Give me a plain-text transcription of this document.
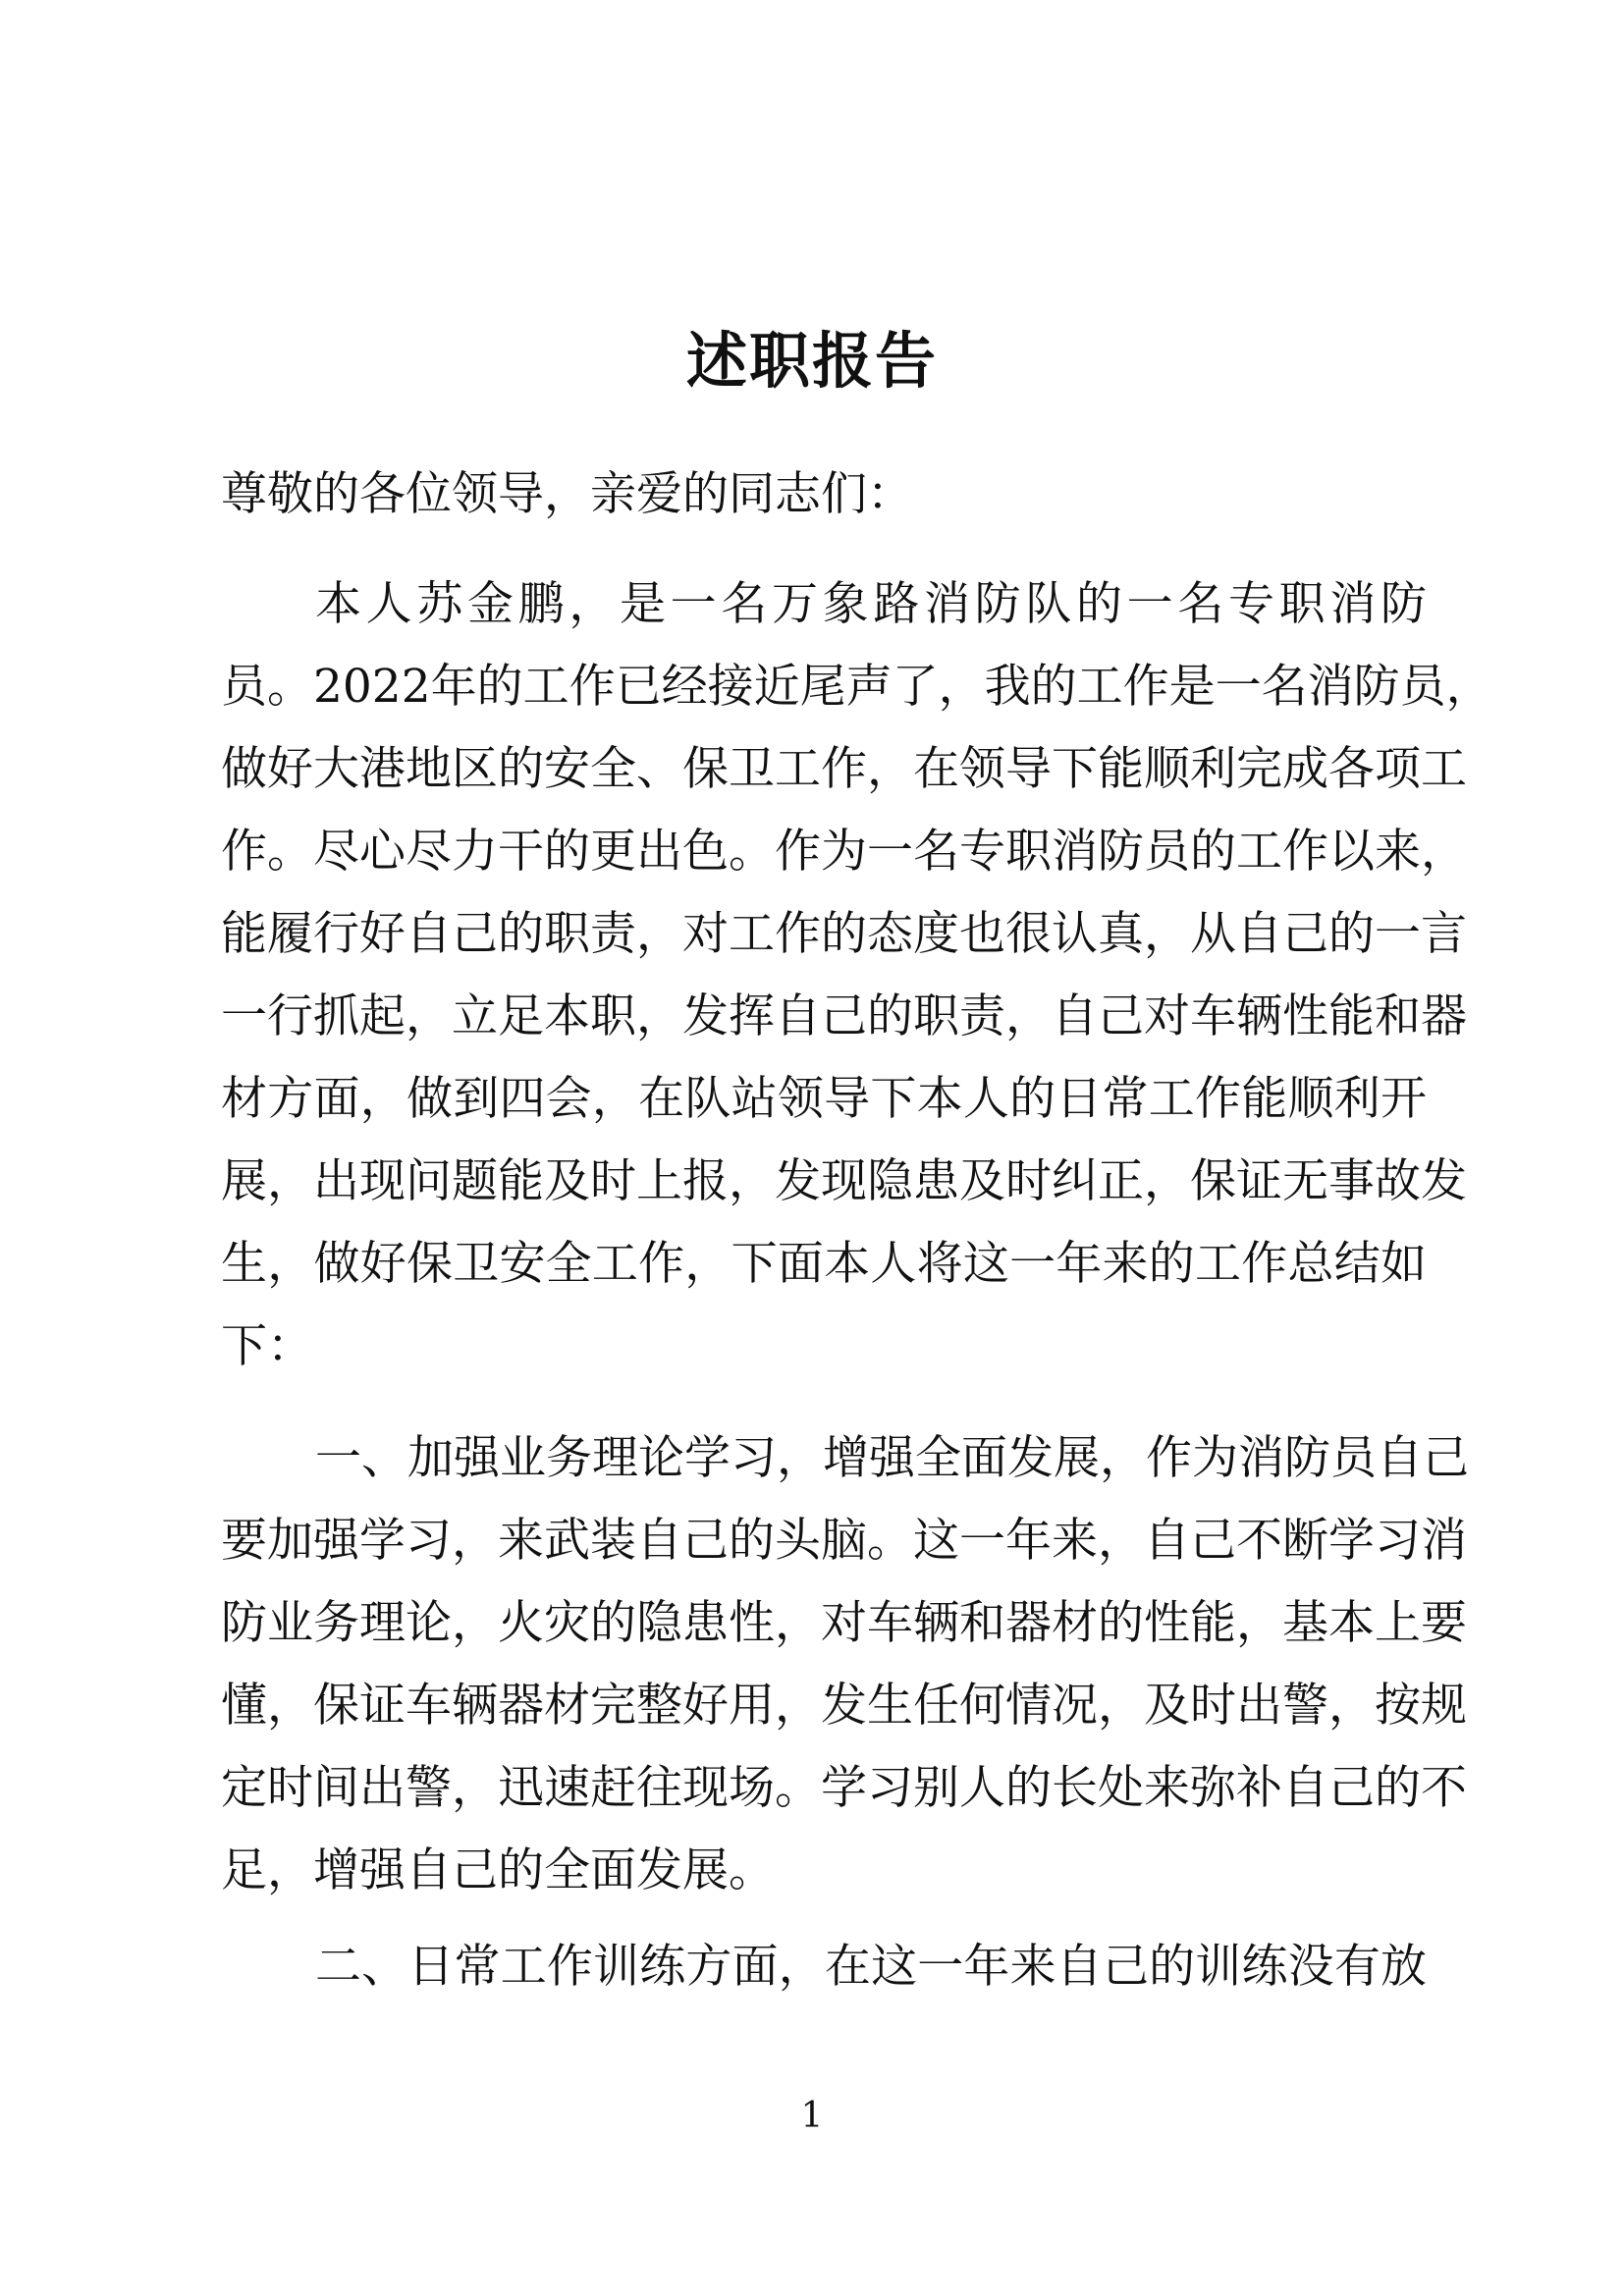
述职报告
尊敬的各位领导，亲爱的同志们：
本人苏金鹏，是一名万象路消防队的一名专职消防
员。2022年的工作已经接近尾声了，我的工作是一名消防员，
做好大港地区的安全、保卫工作，在领导下能顺利完成各项工
作。尽心尽力干的更出色。作为一名专职消防员的工作以来，
能履行好自己的职责，对工作的态度也很认真，从自己的一言
一行抓起，立足本职，发挥自己的职责，自己对车辆性能和器
材方面，做到四会，在队站领导下本人的日常工作能顺利开
展，出现问题能及时上报，发现隐患及时纠正，保证无事故发
生，做好保卫安全工作，下面本人将这一年来的工作总结如
下：
一、加强业务理论学习，增强全面发展，作为消防员自己
要加强学习，来武装自己的头脑。这一年来，自己不断学习消
防业务理论，火灾的隐患性，对车辆和器材的性能，基本上要
懂，保证车辆器材完整好用，发生任何情况，及时出警，按规
定时间出警，迅速赶往现场。学习别人的长处来弥补自己的不
足，增强自己的全面发展。
二、日常工作训练方面，在这一年来自己的训练没有放
1
